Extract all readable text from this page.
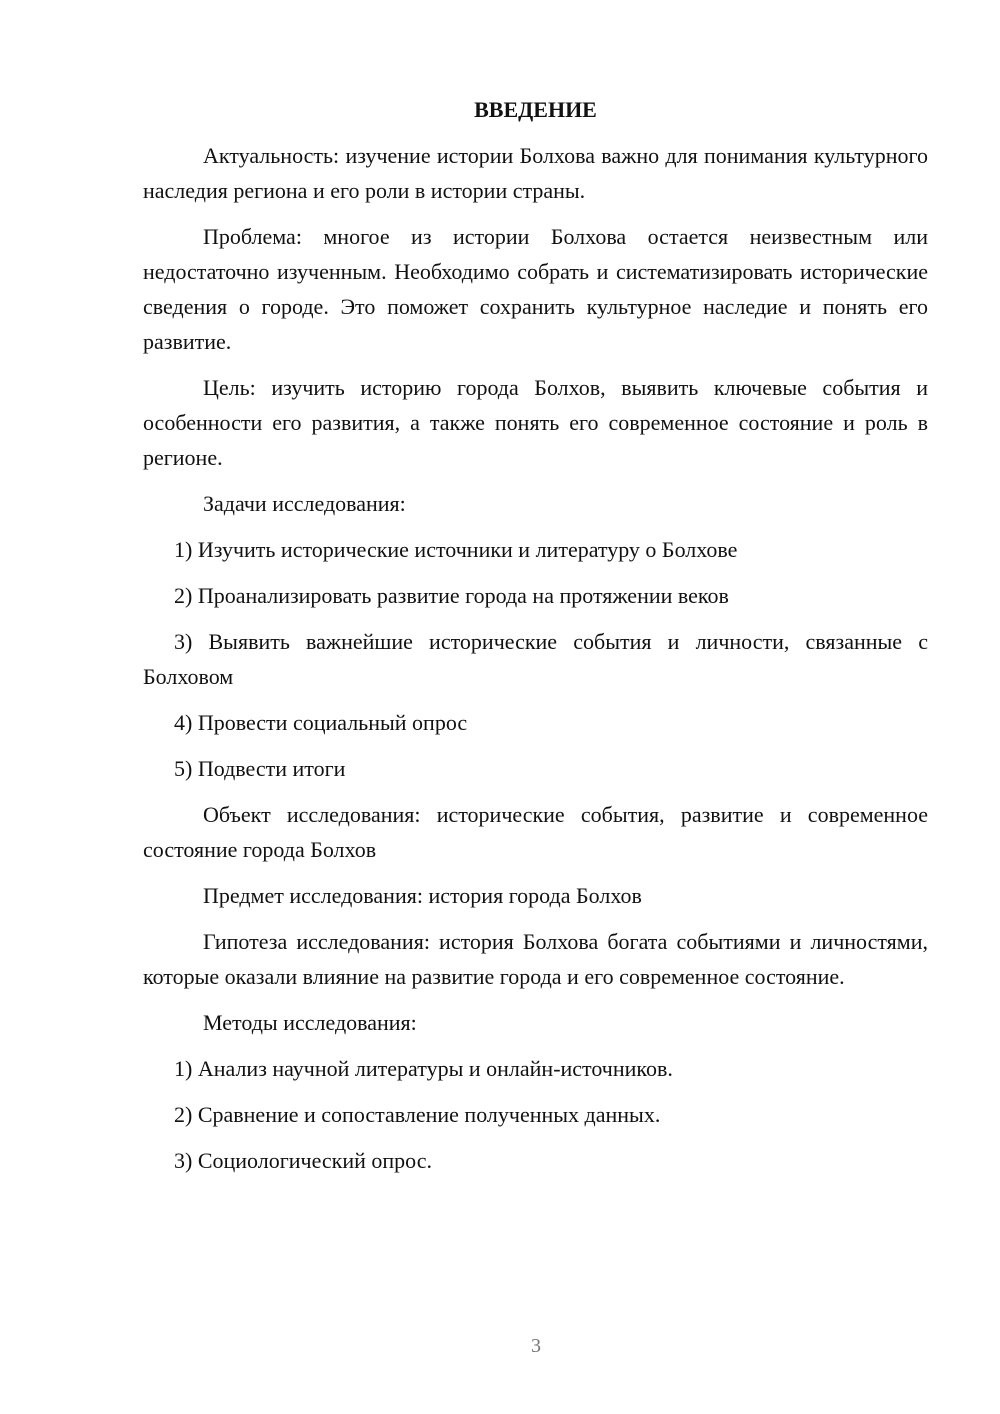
ВВЕДЕНИЕ

Актуальность: изучение истории Болхова важно для понимания культурного наследия региона и его роли в истории страны.

Проблема: многое из истории Болхова остается неизвестным или недостаточно изученным. Необходимо собрать и систематизировать исторические сведения о городе. Это поможет сохранить культурное наследие и понять его развитие.

Цель: изучить историю города Болхов, выявить ключевые события и особенности его развития, а также понять его современное состояние и роль в регионе.

Задачи исследования:

1) Изучить исторические источники и литературу о Болхове

2) Проанализировать развитие города на протяжении веков

3) Выявить важнейшие исторические события и личности, связанные с Болховом

4) Провести социальный опрос

5) Подвести итоги

Объект исследования: исторические события, развитие и современное состояние города Болхов

Предмет исследования: история города Болхов

Гипотеза исследования: история Болхова богата событиями и личностями, которые оказали влияние на развитие города и его современное состояние.

Методы исследования:

1) Анализ научной литературы и онлайн-источников.

2) Сравнение и сопоставление полученных данных.

3) Социологический опрос.

3
